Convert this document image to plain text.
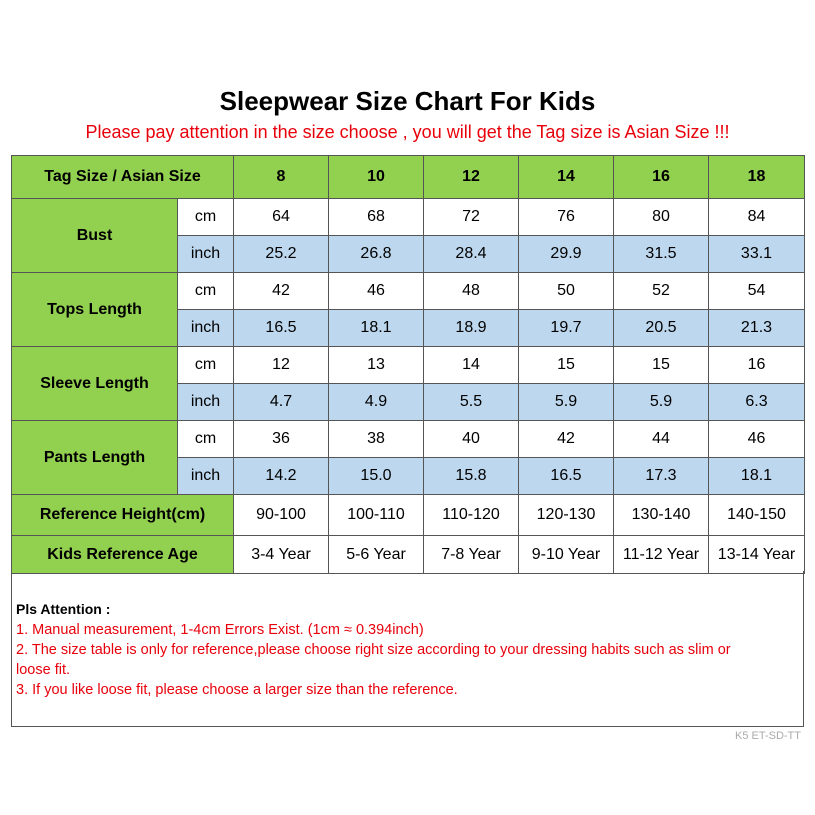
Sleepwear Size Chart For Kids
Please pay attention in the size choose , you will get the Tag size is Asian Size !!!
Tag Size / Asian Size		8	10	12	14	16	18
Bust	cm	64	68	72	76	80	84
	inch	25.2	26.8	28.4	29.9	31.5	33.1
Tops Length	cm	42	46	48	50	52	54
	inch	16.5	18.1	18.9	19.7	20.5	21.3
Sleeve Length	cm	12	13	14	15	15	16
	inch	4.7	4.9	5.5	5.9	5.9	6.3
Pants Length	cm	36	38	40	42	44	46
	inch	14.2	15.0	15.8	16.5	17.3	18.1
Reference Height(cm)		90-100	100-110	110-120	120-130	130-140	140-150
Kids Reference Age		3-4 Year	5-6 Year	7-8 Year	9-10 Year	11-12 Year	13-14 Year
Pls Attention :
1. Manual measurement, 1-4cm Errors Exist. (1cm ≈ 0.394inch)
2. The size table is only for reference,please choose right size according to your dressing habits such as slim or
loose fit.
3. If you like loose fit, please choose a larger size than the reference.
K5 ET-SD-TT
